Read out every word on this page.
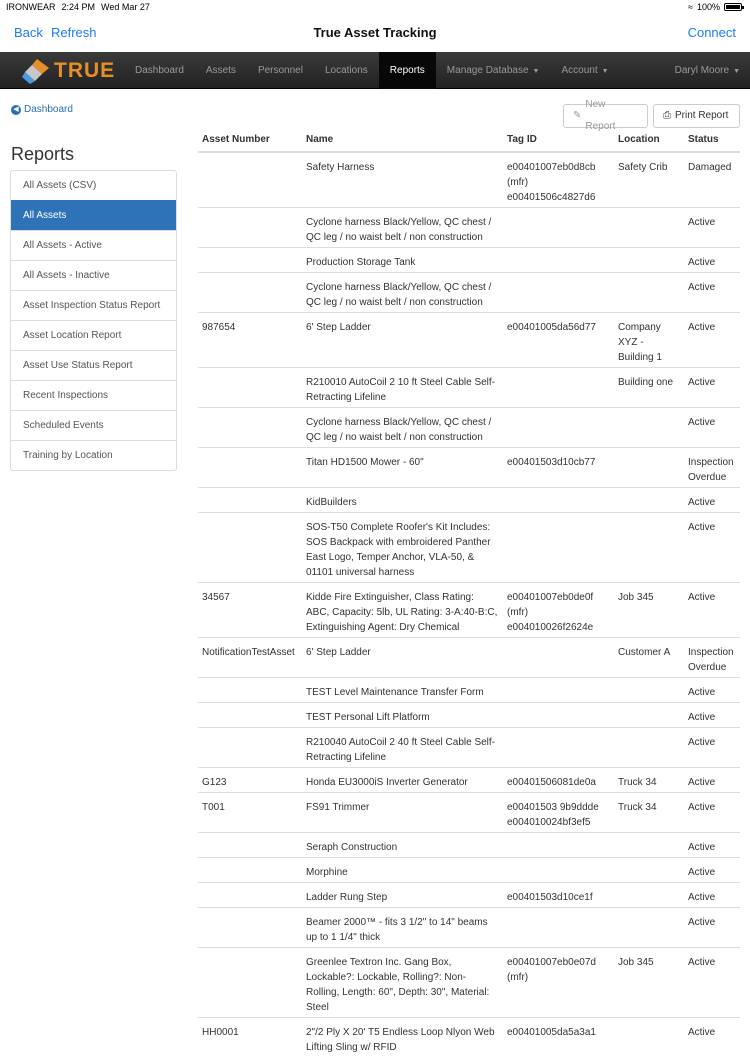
IRONWEAR 2:24 PM Wed Mar 27	≈ 100%
Back Refresh	True Asset Tracking	Connect
TRUE	Dashboard	Assets	Personnel	Locations	Reports	Manage Database ▼	Account ▼	Daryl Moore ▼
◀ Dashboard
Reports
All Assets (CSV)
All Assets
All Assets - Active
All Assets - Inactive
Asset Inspection Status Report
Asset Location Report
Asset Use Status Report
Recent Inspections
Scheduled Events
Training by Location
✎
New Report
⎙ Print Report
Asset Number	Name	Tag ID	Location	Status
	Safety Harness	e00401007eb0d8cb (mfr) e00401506c4827d6	Safety Crib	Damaged
	Cyclone harness Black/Yellow, QC chest / QC leg / no waist belt / non construction			Active
	Production Storage Tank			Active
	Cyclone harness Black/Yellow, QC chest / QC leg / no waist belt / non construction			Active
987654	6' Step Ladder	e00401005da56d77	Company XYZ - Building 1	Active
	R210010 AutoCoil 2 10 ft Steel Cable Self-Retracting Lifeline		Building one	Active
	Cyclone harness Black/Yellow, QC chest / QC leg / no waist belt / non construction			Active
	Titan HD1500 Mower - 60"	e00401503d10cb77		Inspection Overdue
	KidBuilders			Active
	SOS-T50 Complete Roofer's Kit Includes: SOS Backpack with embroidered Panther East Logo, Temper Anchor, VLA-50, & 01101 universal harness			Active
34567	Kidde Fire Extinguisher, Class Rating: ABC, Capacity: 5lb, UL Rating: 3-A:40-B:C, Extinguishing Agent: Dry Chemical	e00401007eb0de0f (mfr) e004010026f2624e	Job 345	Active
NotificationTestAsset	6' Step Ladder		Customer A	Inspection Overdue
	TEST Level Maintenance Transfer Form			Active
	TEST Personal Lift Platform			Active
	R210040 AutoCoil 2 40 ft Steel Cable Self-Retracting Lifeline			Active
G123	Honda EU3000iS Inverter Generator	e00401506081de0a	Truck 34	Active
T001	FS91 Trimmer	e00401503 9b9ddde e004010024bf3ef5	Truck 34	Active
	Seraph Construction			Active
	Morphine			Active
	Ladder Rung Step	e00401503d10ce1f		Active
	Beamer 2000™ - fits 3 1/2" to 14" beams up to 1 1/4" thick			Active
	Greenlee Textron Inc. Gang Box, Lockable?: Lockable, Rolling?: Non-Rolling, Length: 60", Depth: 30", Material: Steel	e00401007eb0e07d (mfr)	Job 345	Active
HH0001	2"/2 Ply X 20' T5 Endless Loop Nlyon Web Lifting Sling w/ RFID	e00401005da5a3a1		Active
